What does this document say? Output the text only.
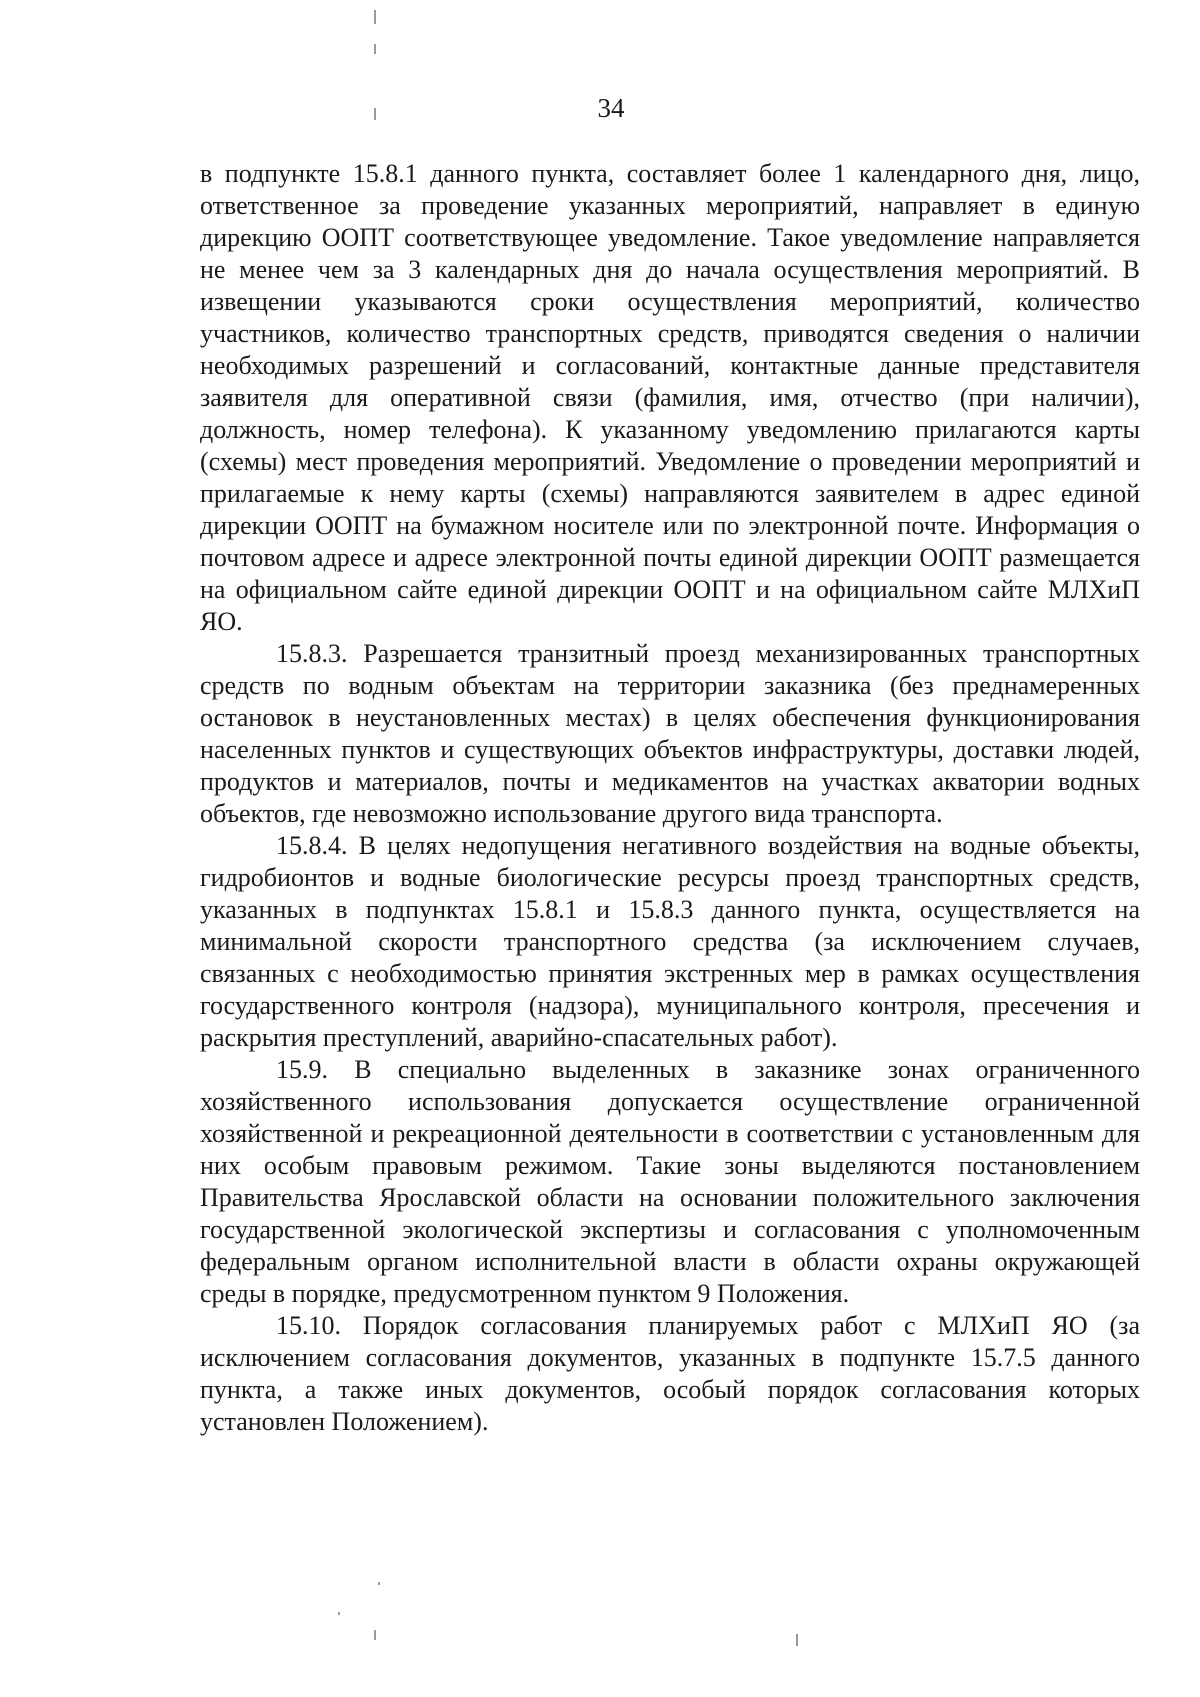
34

в подпункте 15.8.1 данного пункта, составляет более 1 календарного дня, лицо, ответственное за проведение указанных мероприятий, направляет в единую дирекцию ООПТ соответствующее уведомление. Такое уведомление направляется не менее чем за 3 календарных дня до начала осуществления мероприятий. В извещении указываются сроки осуществления мероприятий, количество участников, количество транспортных средств, приводятся сведения о наличии необходимых разрешений и согласований, контактные данные представителя заявителя для оперативной связи (фамилия, имя, отчество (при наличии), должность, номер телефона). К указанному уведомлению прилагаются карты (схемы) мест проведения мероприятий. Уведомление о проведении мероприятий и прилагаемые к нему карты (схемы) направляются заявителем в адрес единой дирекции ООПТ на бумажном носителе или по электронной почте. Информация о почтовом адресе и адресе электронной почты единой дирекции ООПТ размещается на официальном сайте единой дирекции ООПТ и на официальном сайте МЛХиП ЯО.

15.8.3. Разрешается транзитный проезд механизированных транспортных средств по водным объектам на территории заказника (без преднамеренных остановок в неустановленных местах) в целях обеспечения функционирования населенных пунктов и существующих объектов инфраструктуры, доставки людей, продуктов и материалов, почты и медикаментов на участках акватории водных объектов, где невозможно использование другого вида транспорта.

15.8.4. В целях недопущения негативного воздействия на водные объекты, гидробионтов и водные биологические ресурсы проезд транспортных средств, указанных в подпунктах 15.8.1 и 15.8.3 данного пункта, осуществляется на минимальной скорости транспортного средства (за исключением случаев, связанных с необходимостью принятия экстренных мер в рамках осуществления государственного контроля (надзора), муниципального контроля, пресечения и раскрытия преступлений, аварийно-спасательных работ).

15.9. В специально выделенных в заказнике зонах ограниченного хозяйственного использования допускается осуществление ограниченной хозяйственной и рекреационной деятельности в соответствии с установленным для них особым правовым режимом. Такие зоны выделяются постановлением Правительства Ярославской области на основании положительного заключения государственной экологической экспертизы и согласования с уполномоченным федеральным органом исполнительной власти в области охраны окружающей среды в порядке, предусмотренном пунктом 9 Положения.

15.10. Порядок согласования планируемых работ с МЛХиП ЯО (за исключением согласования документов, указанных в подпункте 15.7.5 данного пункта, а также иных документов, особый порядок согласования которых установлен Положением).
